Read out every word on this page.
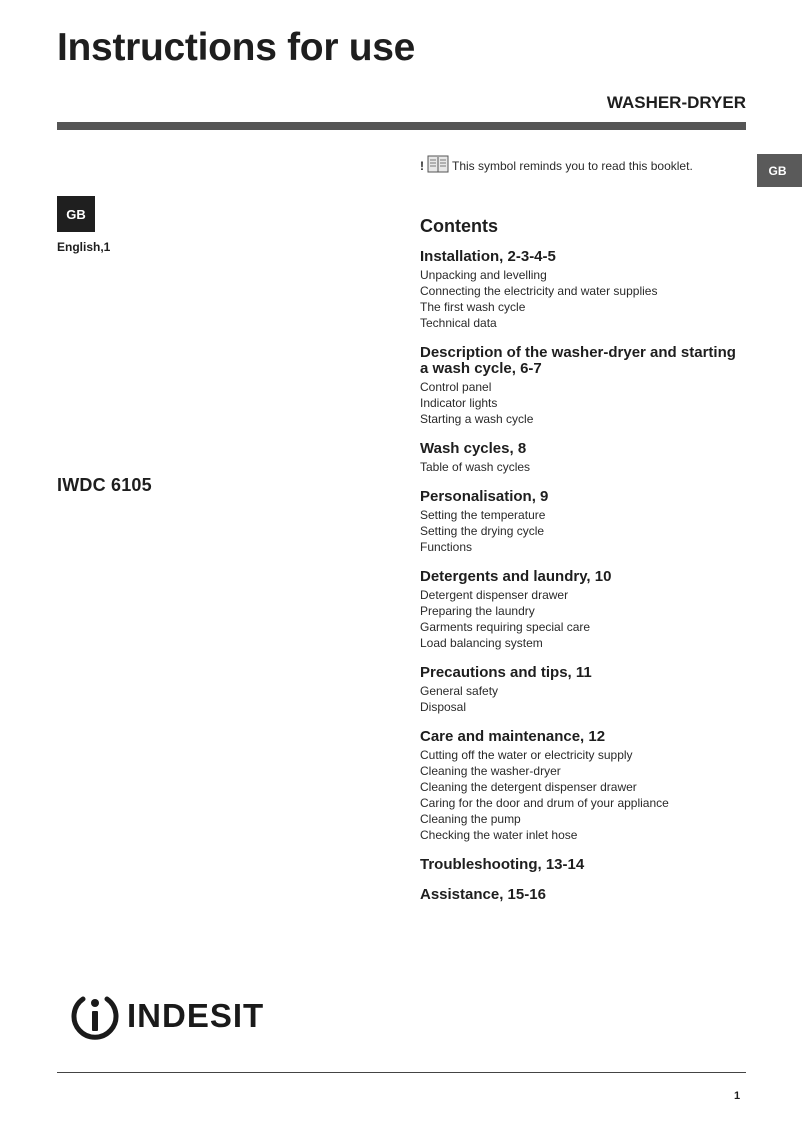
Instructions for use
WASHER-DRYER
GB
GB
English,1
IWDC 6105
! This symbol reminds you to read this booklet.
Contents
Installation, 2-3-4-5
Unpacking and levelling
Connecting the electricity and water supplies
The first wash cycle
Technical data
Description of the washer-dryer and starting a wash cycle, 6-7
Control panel
Indicator lights
Starting a wash cycle
Wash cycles, 8
Table of wash cycles
Personalisation, 9
Setting the temperature
Setting the drying cycle
Functions
Detergents and laundry, 10
Detergent dispenser drawer
Preparing the laundry
Garments requiring special care
Load balancing system
Precautions and tips, 11
General safety
Disposal
Care and maintenance, 12
Cutting off the water or electricity supply
Cleaning the washer-dryer
Cleaning the detergent dispenser drawer
Caring for the door and drum of your appliance
Cleaning the pump
Checking the water inlet hose
Troubleshooting, 13-14
Assistance, 15-16
INDESIT
1
